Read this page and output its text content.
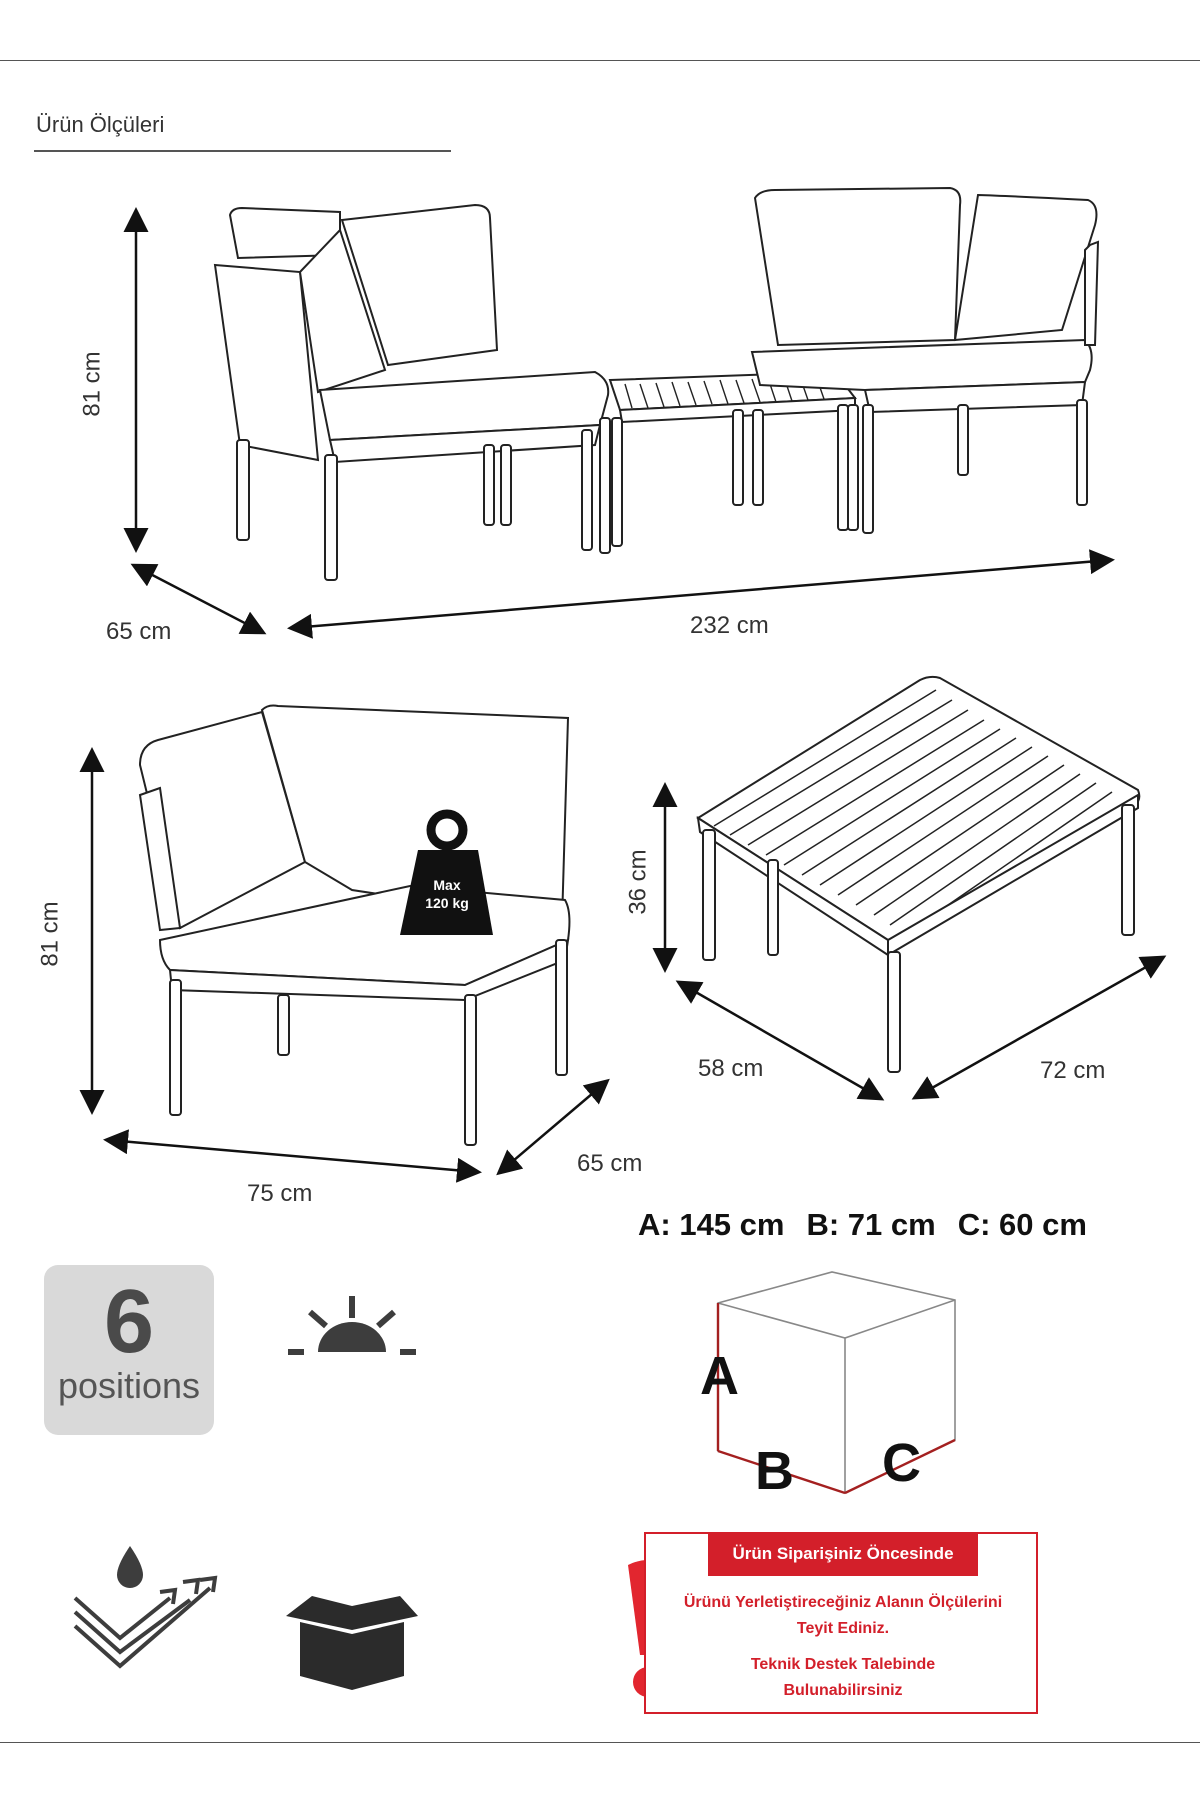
Ürün Ölçüleri
81 cm
65 cm	232 cm
81 cm
75 cm
65 cm
Max
120 kg	36 cm
58 cm	72 cm
A: 145 cm B: 71 cm C: 60 cm
A
B C
6
positions	ANTI UV
PCBx1	Ürün Siparişiniz Öncesinde
Ürünü Yerletiştireceğiniz Alanın Ölçülerini
Teyit Ediniz.
Teknik Destek Talebinde
Bulunabilirsiniz
